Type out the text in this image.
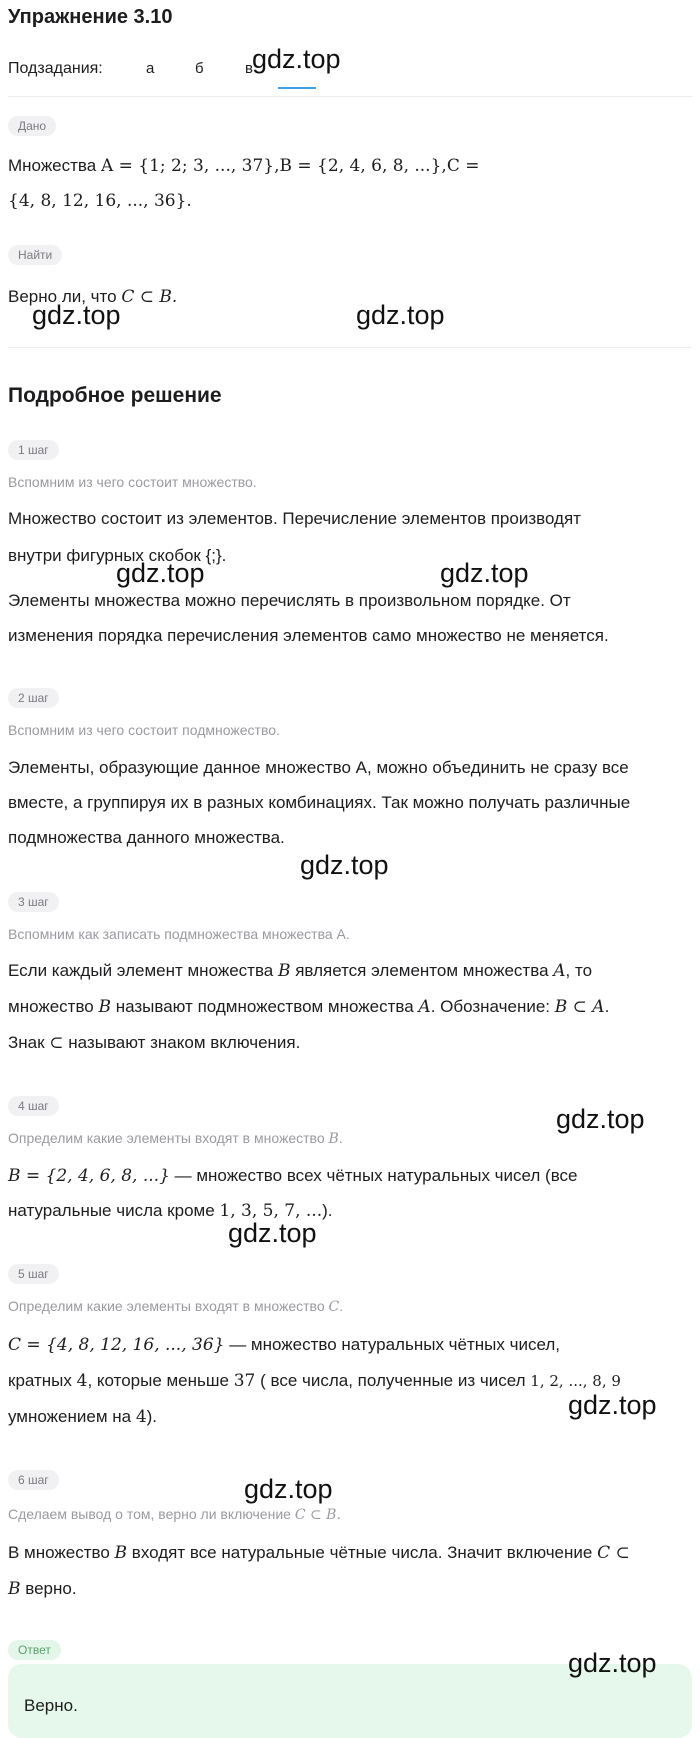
Упражнение 3.10
Подзадания:	а	б	в
Дано
Множества A = {1; 2; 3, ..., 37},B = {2, 4, 6, 8, ...},C =
{4, 8, 12, 16, ..., 36}.
Найти
Верно ли, что C ⊂ B.
Подробное решение
1 шаг
Вспомним из чего состоит множество.
Множество состоит из элементов. Перечисление элементов производят
внутри фигурных скобок {;}.
Элементы множества можно перечислять в произвольном порядке. От
изменения порядка перечисления элементов само множество не меняется.
2 шаг
Вспомним из чего состоит подмножество.
Элементы, образующие данное множество А, можно объединить не сразу все
вместе, а группируя их в разных комбинациях. Так можно получать различные
подмножества данного множества.
3 шаг
Вспомним как записать подмножества множества А.
Если каждый элемент множества B является элементом множества A, то
множество B называют подмножеством множества A. Обозначение: B ⊂ A.
Знак ⊂ называют знаком включения.
4 шаг
Определим какие элементы входят в множество B.
B = {2, 4, 6, 8, ...} — множество всех чётных натуральных чисел (все
натуральные числа кроме 1, 3, 5, 7, ...).
5 шаг
Определим какие элементы входят в множество C.
C = {4, 8, 12, 16, ..., 36} — множество натуральных чётных чисел,
кратных 4, которые меньше 37 ( все числа, полученные из чисел 1, 2, ..., 8, 9
умножением на 4).
6 шаг
Сделаем вывод о том, верно ли включение C ⊂ B.
В множество B входят все натуральные чётные числа. Значит включение C ⊂
B верно.
Ответ
Верно.
gdz.top
gdz.top	gdz.top
gdz.top	gdz.top
gdz.top
gdz.top
gdz.top
gdz.top
gdz.top
gdz.top
